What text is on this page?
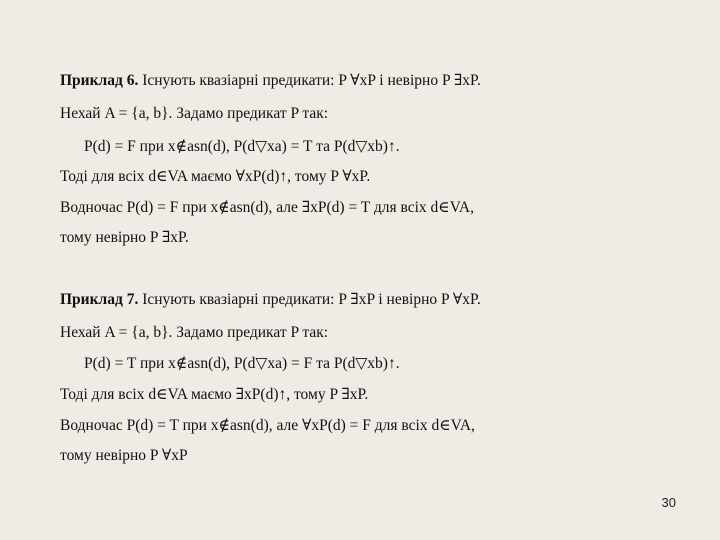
Приклад 6. Існують квазіарні предикати: P ∀xP і невірно P ∃xP.
Нехай A = {a, b}. Задамо предикат P так:
P(d) = F при x∉asn(d), P(d▽xa) = T та P(d▽xb)↑.
Тоді для всіх d∈VA маємо ∀xP(d)↑, тому P ∀xP.
Водночас P(d) = F при x∉asn(d), але ∃xP(d) = T для всіх d∈VA,
тому невірно P ∃xP.
Приклад 7. Існують квазіарні предикати: P ∃xP і невірно P ∀xP.
Нехай A = {a, b}. Задамо предикат P так:
P(d) = T при x∉asn(d), P(d▽xa) = F та P(d▽xb)↑.
Тоді для всіх d∈VA маємо ∃xP(d)↑, тому P ∃xP.
Водночас P(d) = T при x∉asn(d), але ∀xP(d) = F для всіх d∈VA,
тому невірно P ∀xP
30
